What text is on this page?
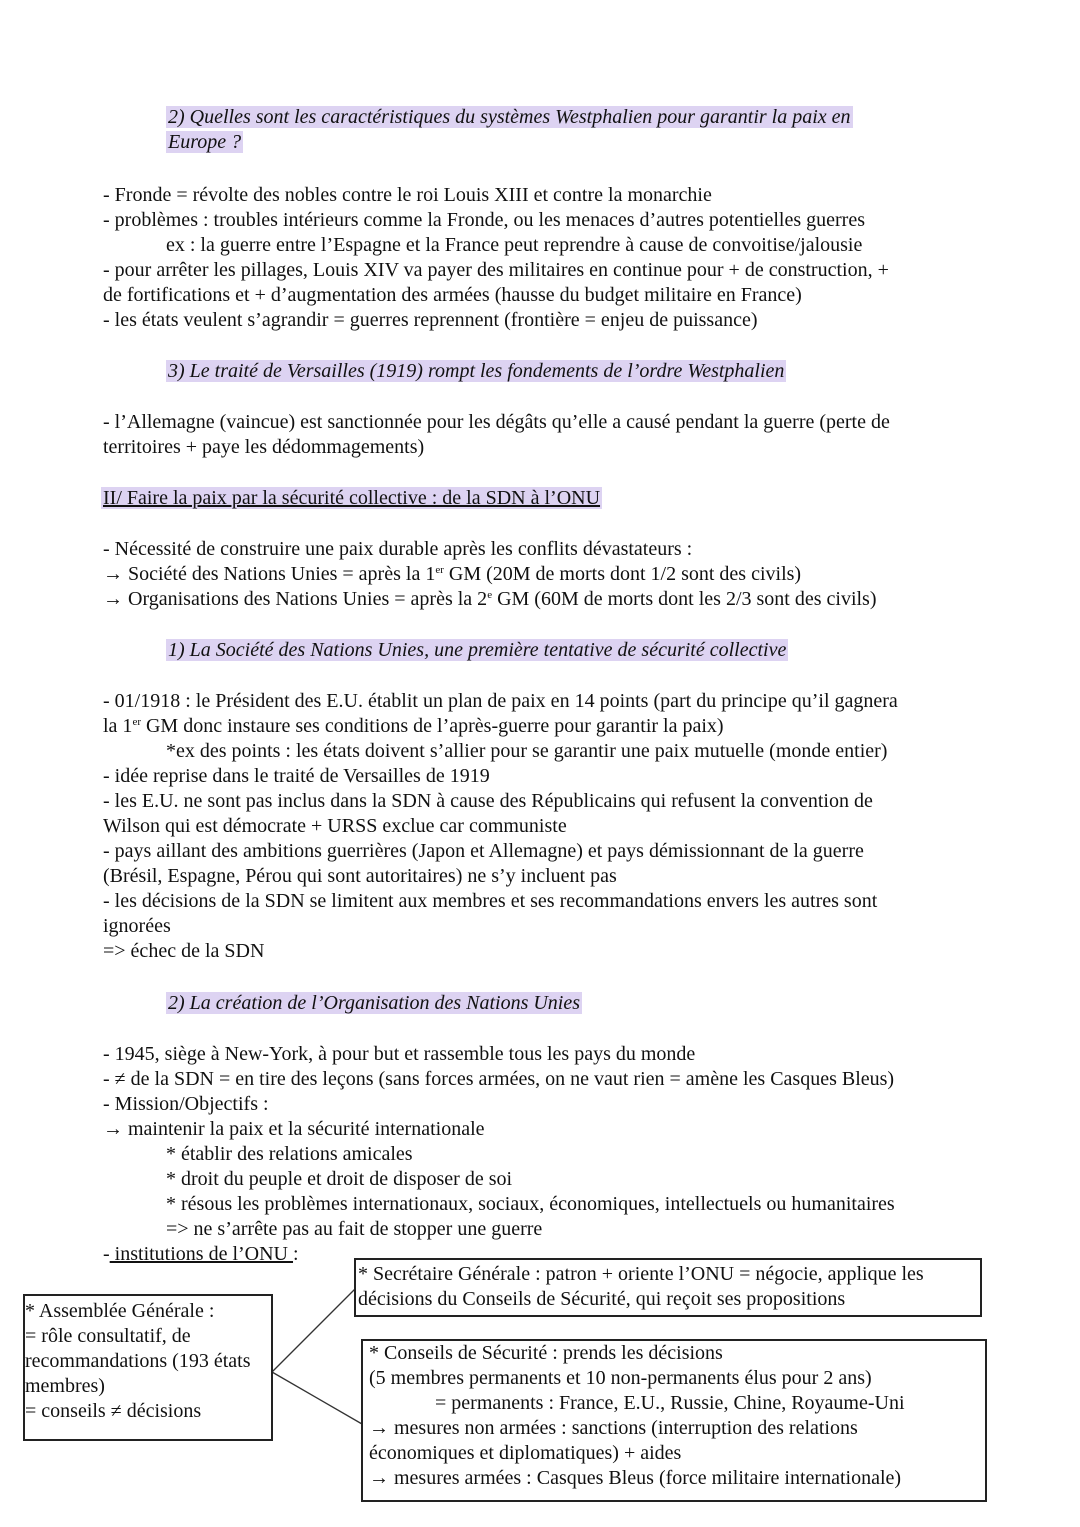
2) Quelles sont les caractéristiques du systèmes Westphalien pour garantir la paix en
Europe ?
- Fronde = révolte des nobles contre le roi Louis XIII et contre la monarchie
- problèmes : troubles intérieurs comme la Fronde, ou les menaces d’autres potentielles guerres
ex : la guerre entre l’Espagne et la France peut reprendre à cause de convoitise/jalousie
- pour arrêter les pillages, Louis XIV va payer des militaires en continue pour + de construction, +
de fortifications et + d’augmentation des armées (hausse du budget militaire en France)
- les états veulent s’agrandir = guerres reprennent (frontière = enjeu de puissance)
3) Le traité de Versailles (1919) rompt les fondements de l’ordre Westphalien
- l’Allemagne (vaincue) est sanctionnée pour les dégâts qu’elle a causé pendant la guerre (perte de
territoires + paye les dédommagements)
II/ Faire la paix par la sécurité collective : de la SDN à l’ONU
- Nécessité de construire une paix durable après les conflits dévastateurs :
→ Société des Nations Unies = après la 1er GM (20M de morts dont 1/2 sont des civils)
→ Organisations des Nations Unies = après la 2e GM (60M de morts dont les 2/3 sont des civils)
1) La Société des Nations Unies, une première tentative de sécurité collective
- 01/1918 : le Président des E.U. établit un plan de paix en 14 points (part du principe qu’il gagnera
la 1er GM donc instaure ses conditions de l’après-guerre pour garantir la paix)
*ex des points : les états doivent s’allier pour se garantir une paix mutuelle (monde entier)
- idée reprise dans le traité de Versailles de 1919
- les E.U. ne sont pas inclus dans la SDN à cause des Républicains qui refusent la convention de
Wilson qui est démocrate + URSS exclue car communiste
- pays aillant des ambitions guerrières (Japon et Allemagne) et pays démissionnant de la guerre
(Brésil, Espagne, Pérou qui sont autoritaires) ne s’y incluent pas
- les décisions de la SDN se limitent aux membres et ses recommandations envers les autres sont
ignorées
=> échec de la SDN
2) La création de l’Organisation des Nations Unies
- 1945, siège à New-York, à pour but et rassemble tous les pays du monde
- ≠ de la SDN = en tire des leçons (sans forces armées, on ne vaut rien = amène les Casques Bleus)
- Mission/Objectifs :
→ maintenir la paix et la sécurité internationale
* établir des relations amicales
* droit du peuple et droit de disposer de soi
* résous les problèmes internationaux, sociaux, économiques, intellectuels ou humanitaires
=> ne s’arrête pas au fait de stopper une guerre
- institutions de l’ONU :
* Secrétaire Générale : patron + oriente l’ONU = négocie, applique les
décisions du Conseils de Sécurité, qui reçoit ses propositions
* Assemblée Générale :
= rôle consultatif, de
recommandations (193 états
membres)
= conseils ≠ décisions
* Conseils de Sécurité : prends les décisions
(5 membres permanents et 10 non-permanents élus pour 2 ans)
= permanents : France, E.U., Russie, Chine, Royaume-Uni
→ mesures non armées : sanctions (interruption des relations
économiques et diplomatiques) + aides
→ mesures armées : Casques Bleus (force militaire internationale)
